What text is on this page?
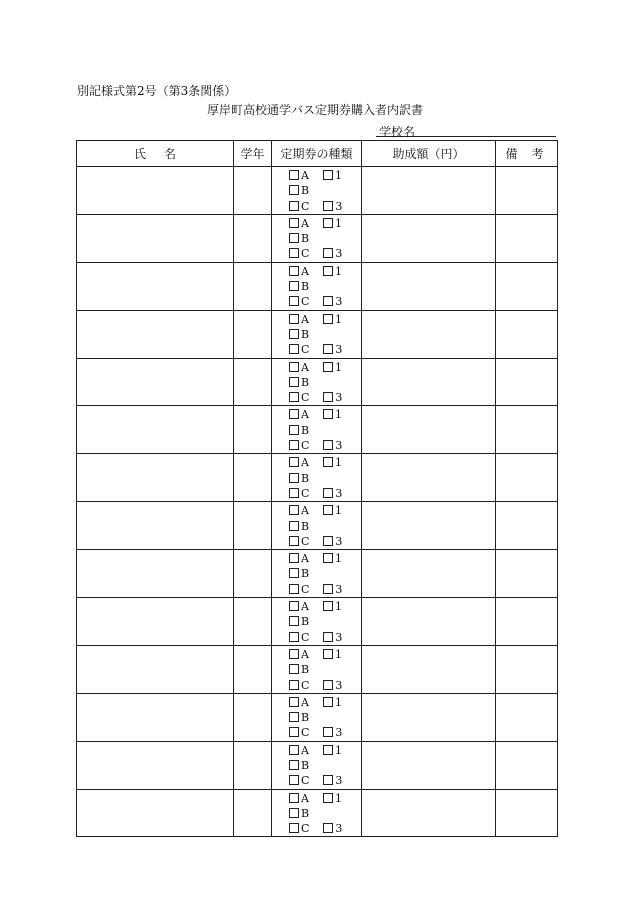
別記様式第2号（第3条関係）
厚岸町高校通学バス定期券購入者内訳書
学校名
氏 名	学年	定期券の種類	助成額（円）	備 考

		A 1
B
C 3		

		A 1
B
C 3		

		A 1
B
C 3		

		A 1
B
C 3		

		A 1
B
C 3		

		A 1
B
C 3		

		A 1
B
C 3		

		A 1
B
C 3		

		A 1
B
C 3		

		A 1
B
C 3		

		A 1
B
C 3		

		A 1
B
C 3		

		A 1
B
C 3		

		A 1
B
C 3		
